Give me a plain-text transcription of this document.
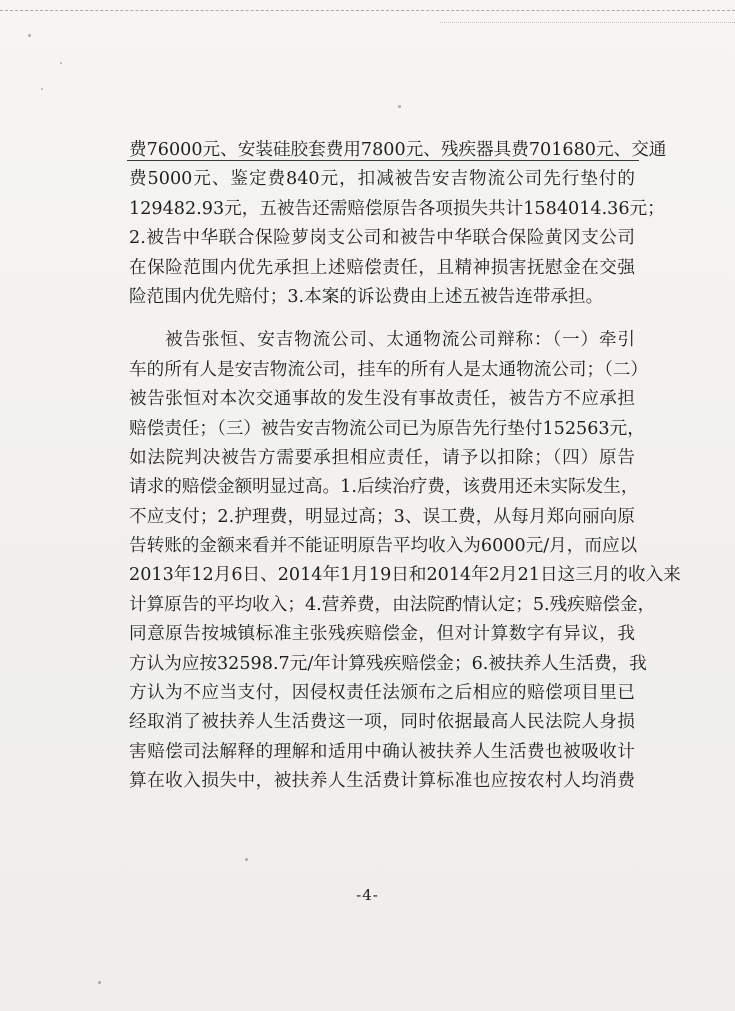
费76000元、安装硅胶套费用7800元、残疾器具费701680元、交通
费5000元、鉴定费840元，扣减被告安吉物流公司先行垫付的
129482.93元，五被告还需赔偿原告各项损失共计1584014.36元；
2.被告中华联合保险萝岗支公司和被告中华联合保险黄冈支公司
在保险范围内优先承担上述赔偿责任，且精神损害抚慰金在交强
险范围内优先赔付；3.本案的诉讼费由上述五被告连带承担。
被告张恒、安吉物流公司、太通物流公司辩称：（一）牵引
车的所有人是安吉物流公司，挂车的所有人是太通物流公司；（二）
被告张恒对本次交通事故的发生没有事故责任，被告方不应承担
赔偿责任；（三）被告安吉物流公司已为原告先行垫付152563元，
如法院判决被告方需要承担相应责任，请予以扣除；（四）原告
请求的赔偿金额明显过高。1.后续治疗费，该费用还未实际发生，
不应支付；2.护理费，明显过高；3、误工费，从每月郑向丽向原
告转账的金额来看并不能证明原告平均收入为6000元/月，而应以
2013年12月6日、2014年1月19日和2014年2月21日这三月的收入来
计算原告的平均收入；4.营养费，由法院酌情认定；5.残疾赔偿金，
同意原告按城镇标准主张残疾赔偿金，但对计算数字有异议，我
方认为应按32598.7元/年计算残疾赔偿金；6.被扶养人生活费，我
方认为不应当支付，因侵权责任法颁布之后相应的赔偿项目里已
经取消了被扶养人生活费这一项，同时依据最高人民法院人身损
害赔偿司法解释的理解和适用中确认被扶养人生活费也被吸收计
算在收入损失中，被扶养人生活费计算标准也应按农村人均消费
-4-
